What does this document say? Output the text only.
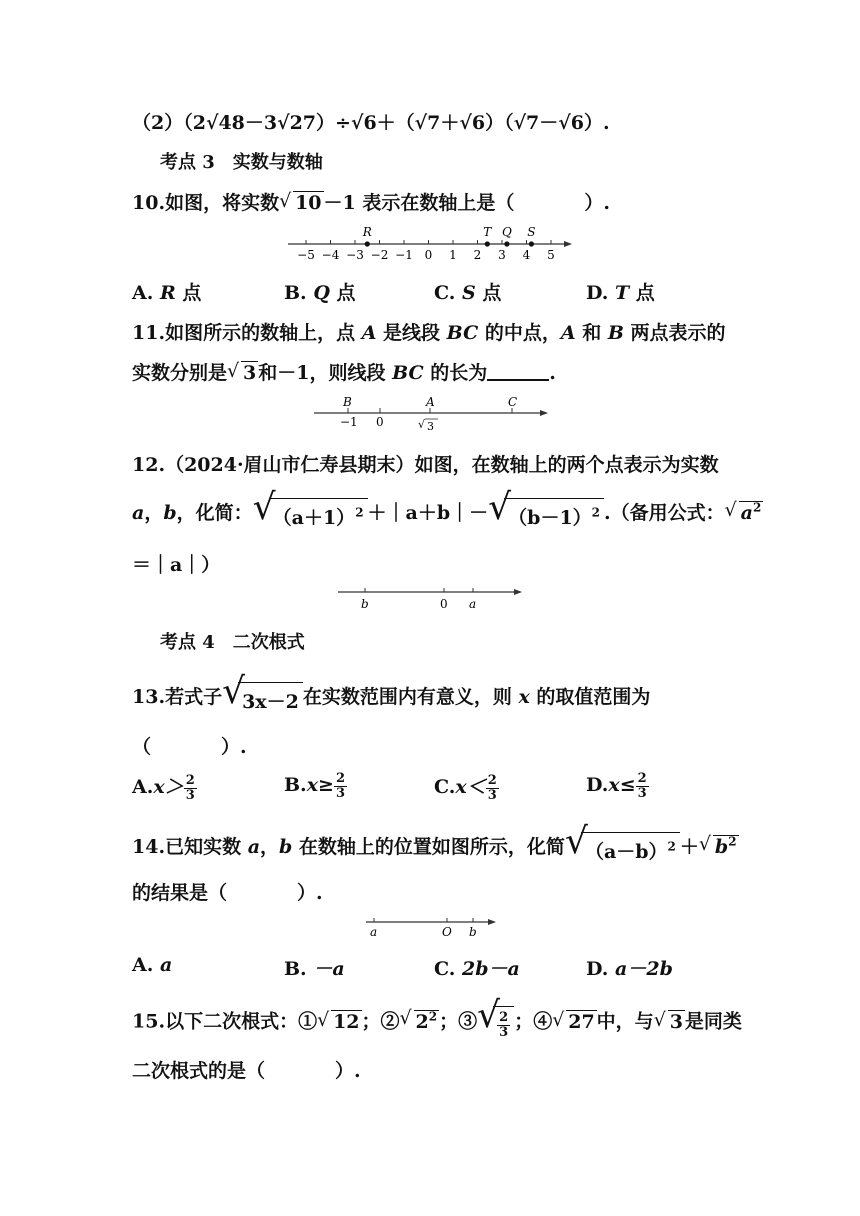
（2）（2√48－3√27）÷√6＋（√7＋√6）（√7－√6）.
考点 3　实数与数轴
10.如图，将实数 √ 10 －1 表示在数轴上是（	）.
−5 −4 −3 −2 −1 0 1 2 3 4 5
R	T Q S
A. R 点	B. Q 点	C. S 点	D. T 点
11.如图所示的数轴上，点 A 是线段 BC 的中点，A 和 B 两点表示的
实数分别是 √ 3 和－1，则线段 BC 的长为	.
B	A	C
−1 0	√ 3
12.（2024·眉山市仁寿县期末）如图，在数轴上的两个点表示为实数
a，b，化简： √
$(a+1)^2$ ＋｜a＋b｜－ √
$(b-1)^2$ .（备用公式： √ $a^2$
＝｜a｜）
b	0 a
考点 4　二次根式
13.若式子 √
3x－2 在实数范围内有意义，则 x 的取值范围为
（	）.
$A.x> \frac{2}{3}$	$B.x\ge \frac{2}{3}$	$C.x< \frac{2}{3}$	$D.x\le \frac{2}{3}$
14.已知实数 a，b 在数轴上的位置如图所示，化简 √
$(a-b)^2$ ＋ √ $b^2$
的结果是（	）.
a	O b
A. a	B. －a	C. 2b－a	D. a－2b
15.以下二次根式：① √ 12 ；② √ $2^2$ ；③ √
$\frac{2}{3}$ ；④ √ 27 中，与 √ 3 是同类
二次根式的是（	）.
